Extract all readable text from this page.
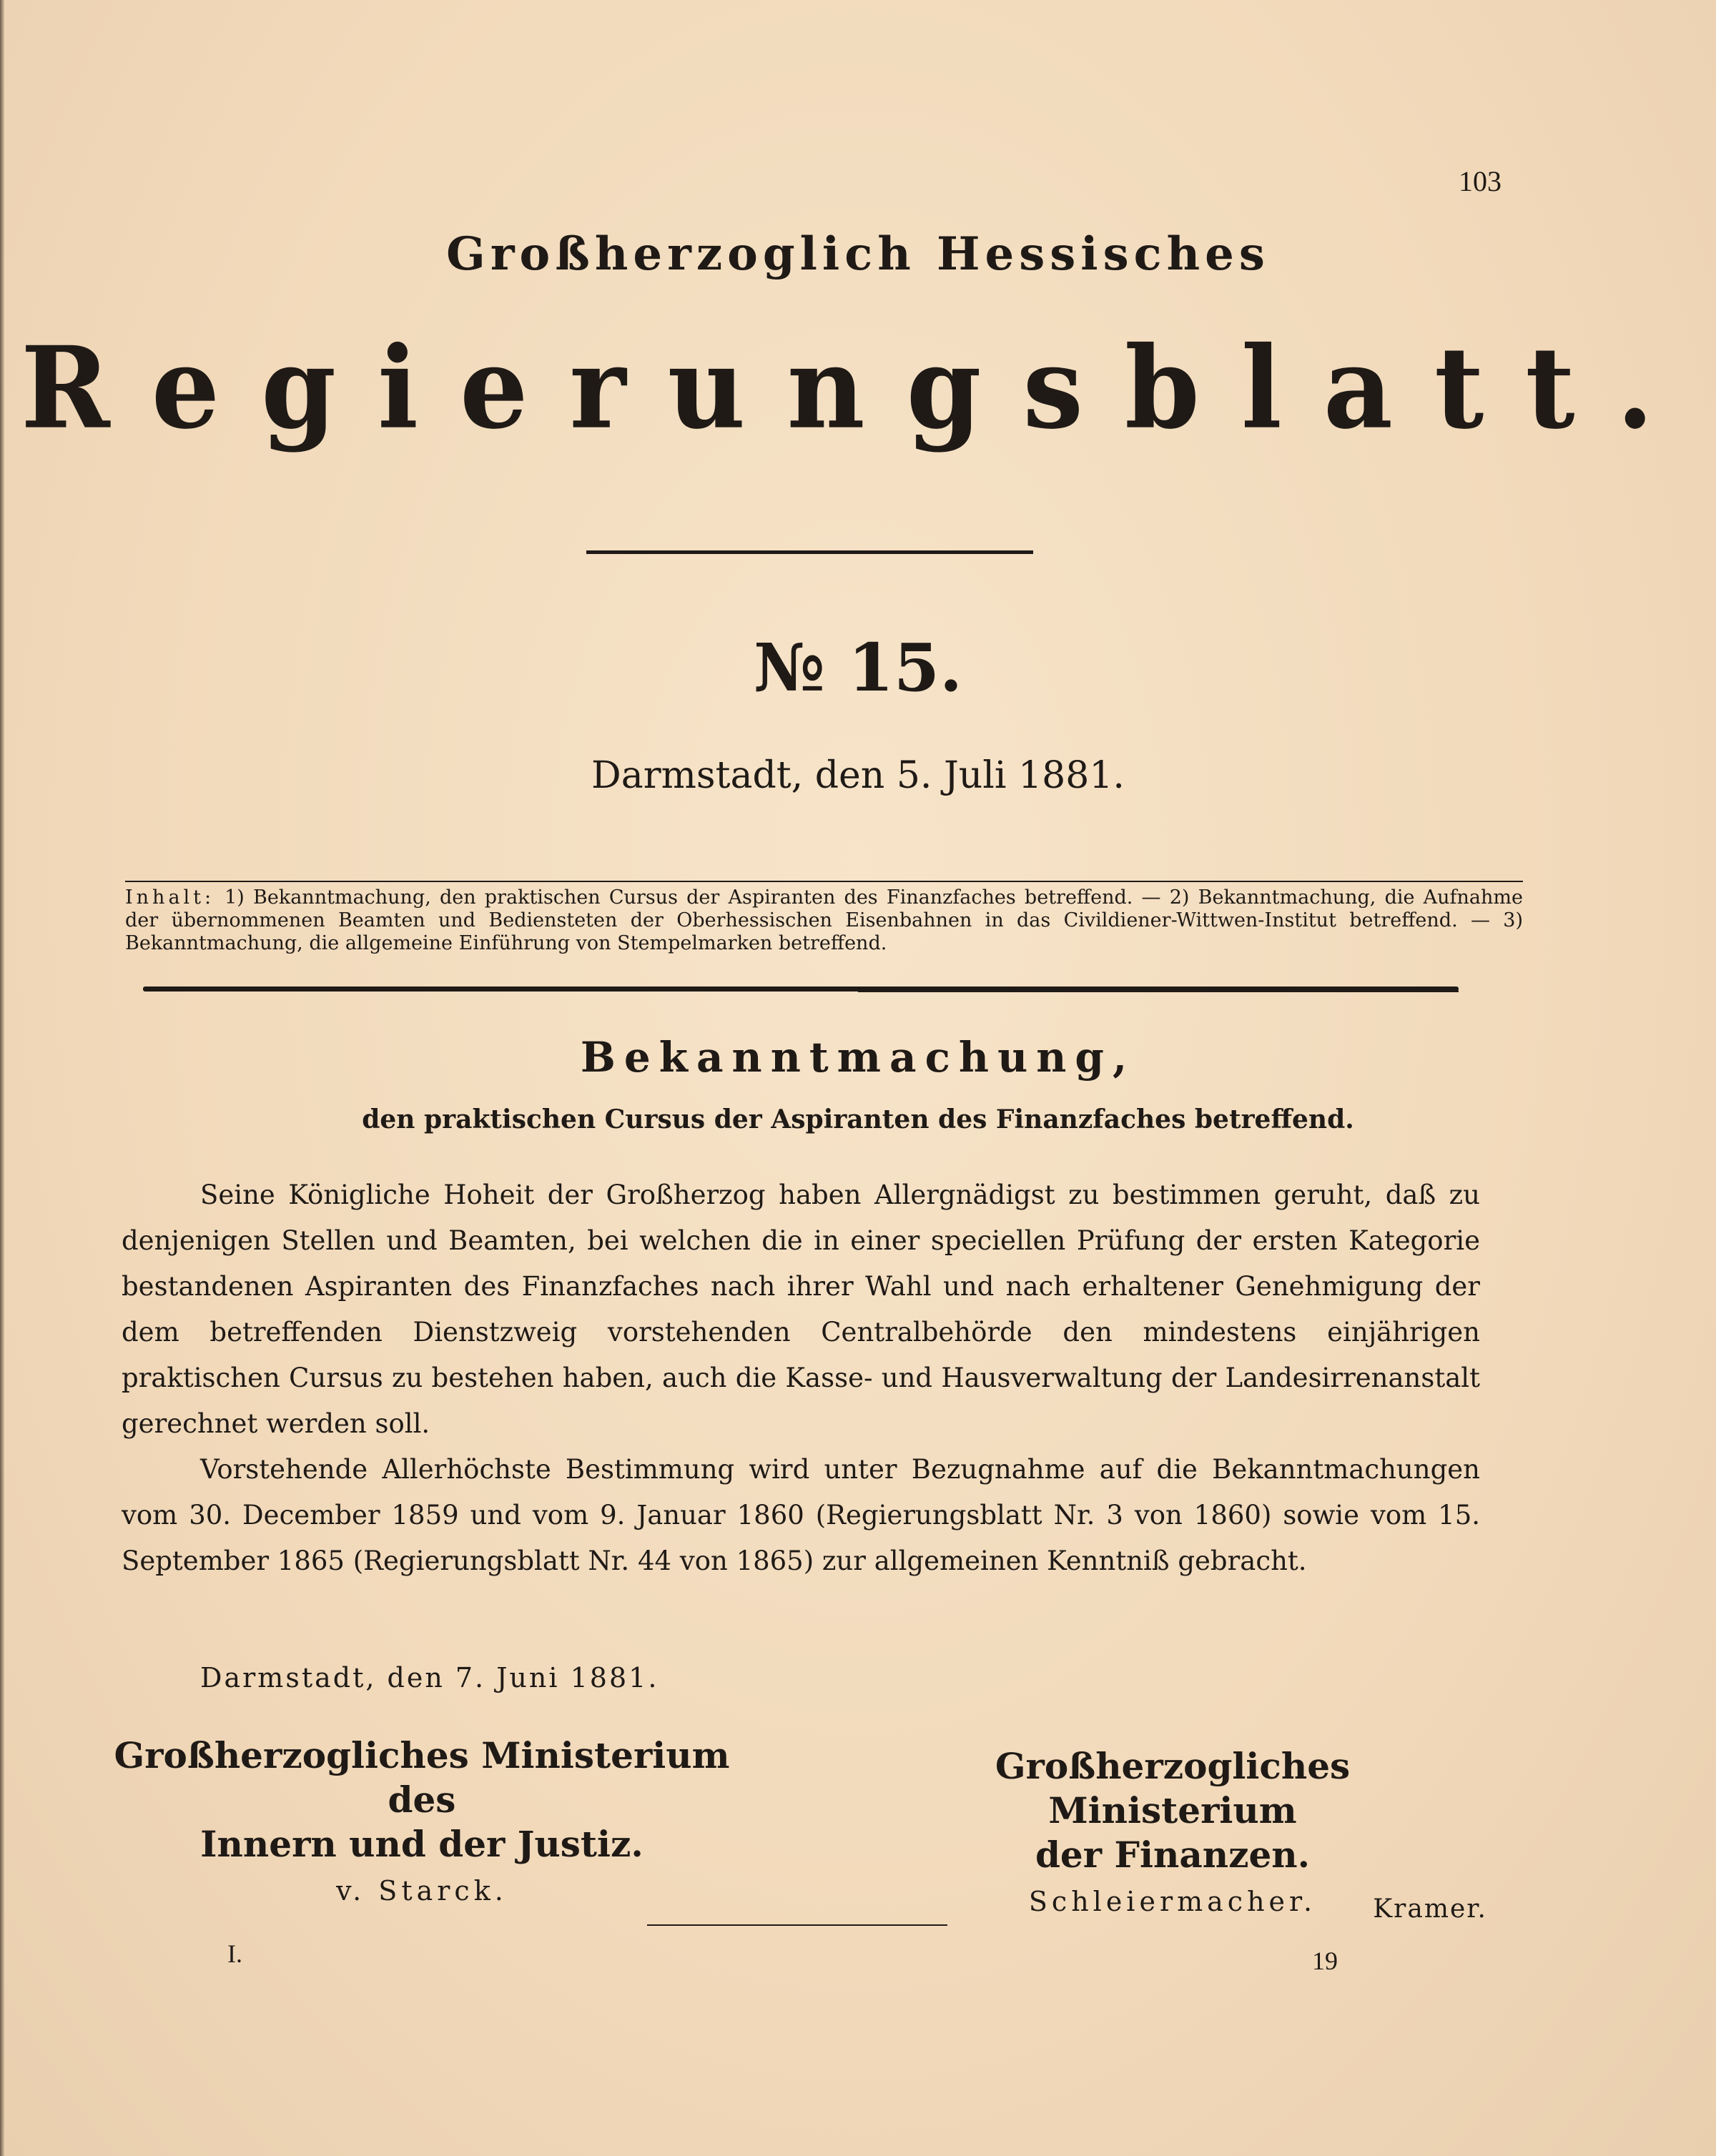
103
Großherzoglich Hessisches
Regierungsblatt.
№ 15.
Darmstadt, den 5. Juli 1881.
Inhalt: 1) Bekanntmachung, den praktischen Cursus der Aspiranten des Finanzfaches betreffend. — 2) Bekanntmachung, die Aufnahme der übernommenen Beamten und Bediensteten der Oberhessischen Eisenbahnen in das Civildiener-Wittwen-Institut betreffend. — 3) Bekanntmachung, die allgemeine Einführung von Stempelmarken betreffend.
Bekanntmachung,
den praktischen Cursus der Aspiranten des Finanzfaches betreffend.

Seine Königliche Hoheit der Großherzog haben Allergnädigst zu bestimmen geruht, daß zu denjenigen Stellen und Beamten, bei welchen die in einer speciellen Prüfung der ersten Kategorie bestandenen Aspiranten des Finanzfaches nach ihrer Wahl und nach erhaltener Genehmigung der dem betreffenden Dienstzweig vorstehenden Centralbehörde den mindestens einjährigen praktischen Cursus zu bestehen haben, auch die Kasse- und Hausverwaltung der Landesirrenanstalt gerechnet werden soll.

Vorstehende Allerhöchste Bestimmung wird unter Bezugnahme auf die Bekanntmachungen vom 30. December 1859 und vom 9. Januar 1860 (Regierungsblatt Nr. 3 von 1860) sowie vom 15. September 1865 (Regierungsblatt Nr. 44 von 1865) zur allgemeinen Kenntniß gebracht.

Darmstadt, den 7. Juni 1881.
Großherzogliches Ministerium des
Innern und der Justiz.
v. Starck.
Großherzogliches Ministerium
der Finanzen.
Schleiermacher.	Kramer.
I.	19
